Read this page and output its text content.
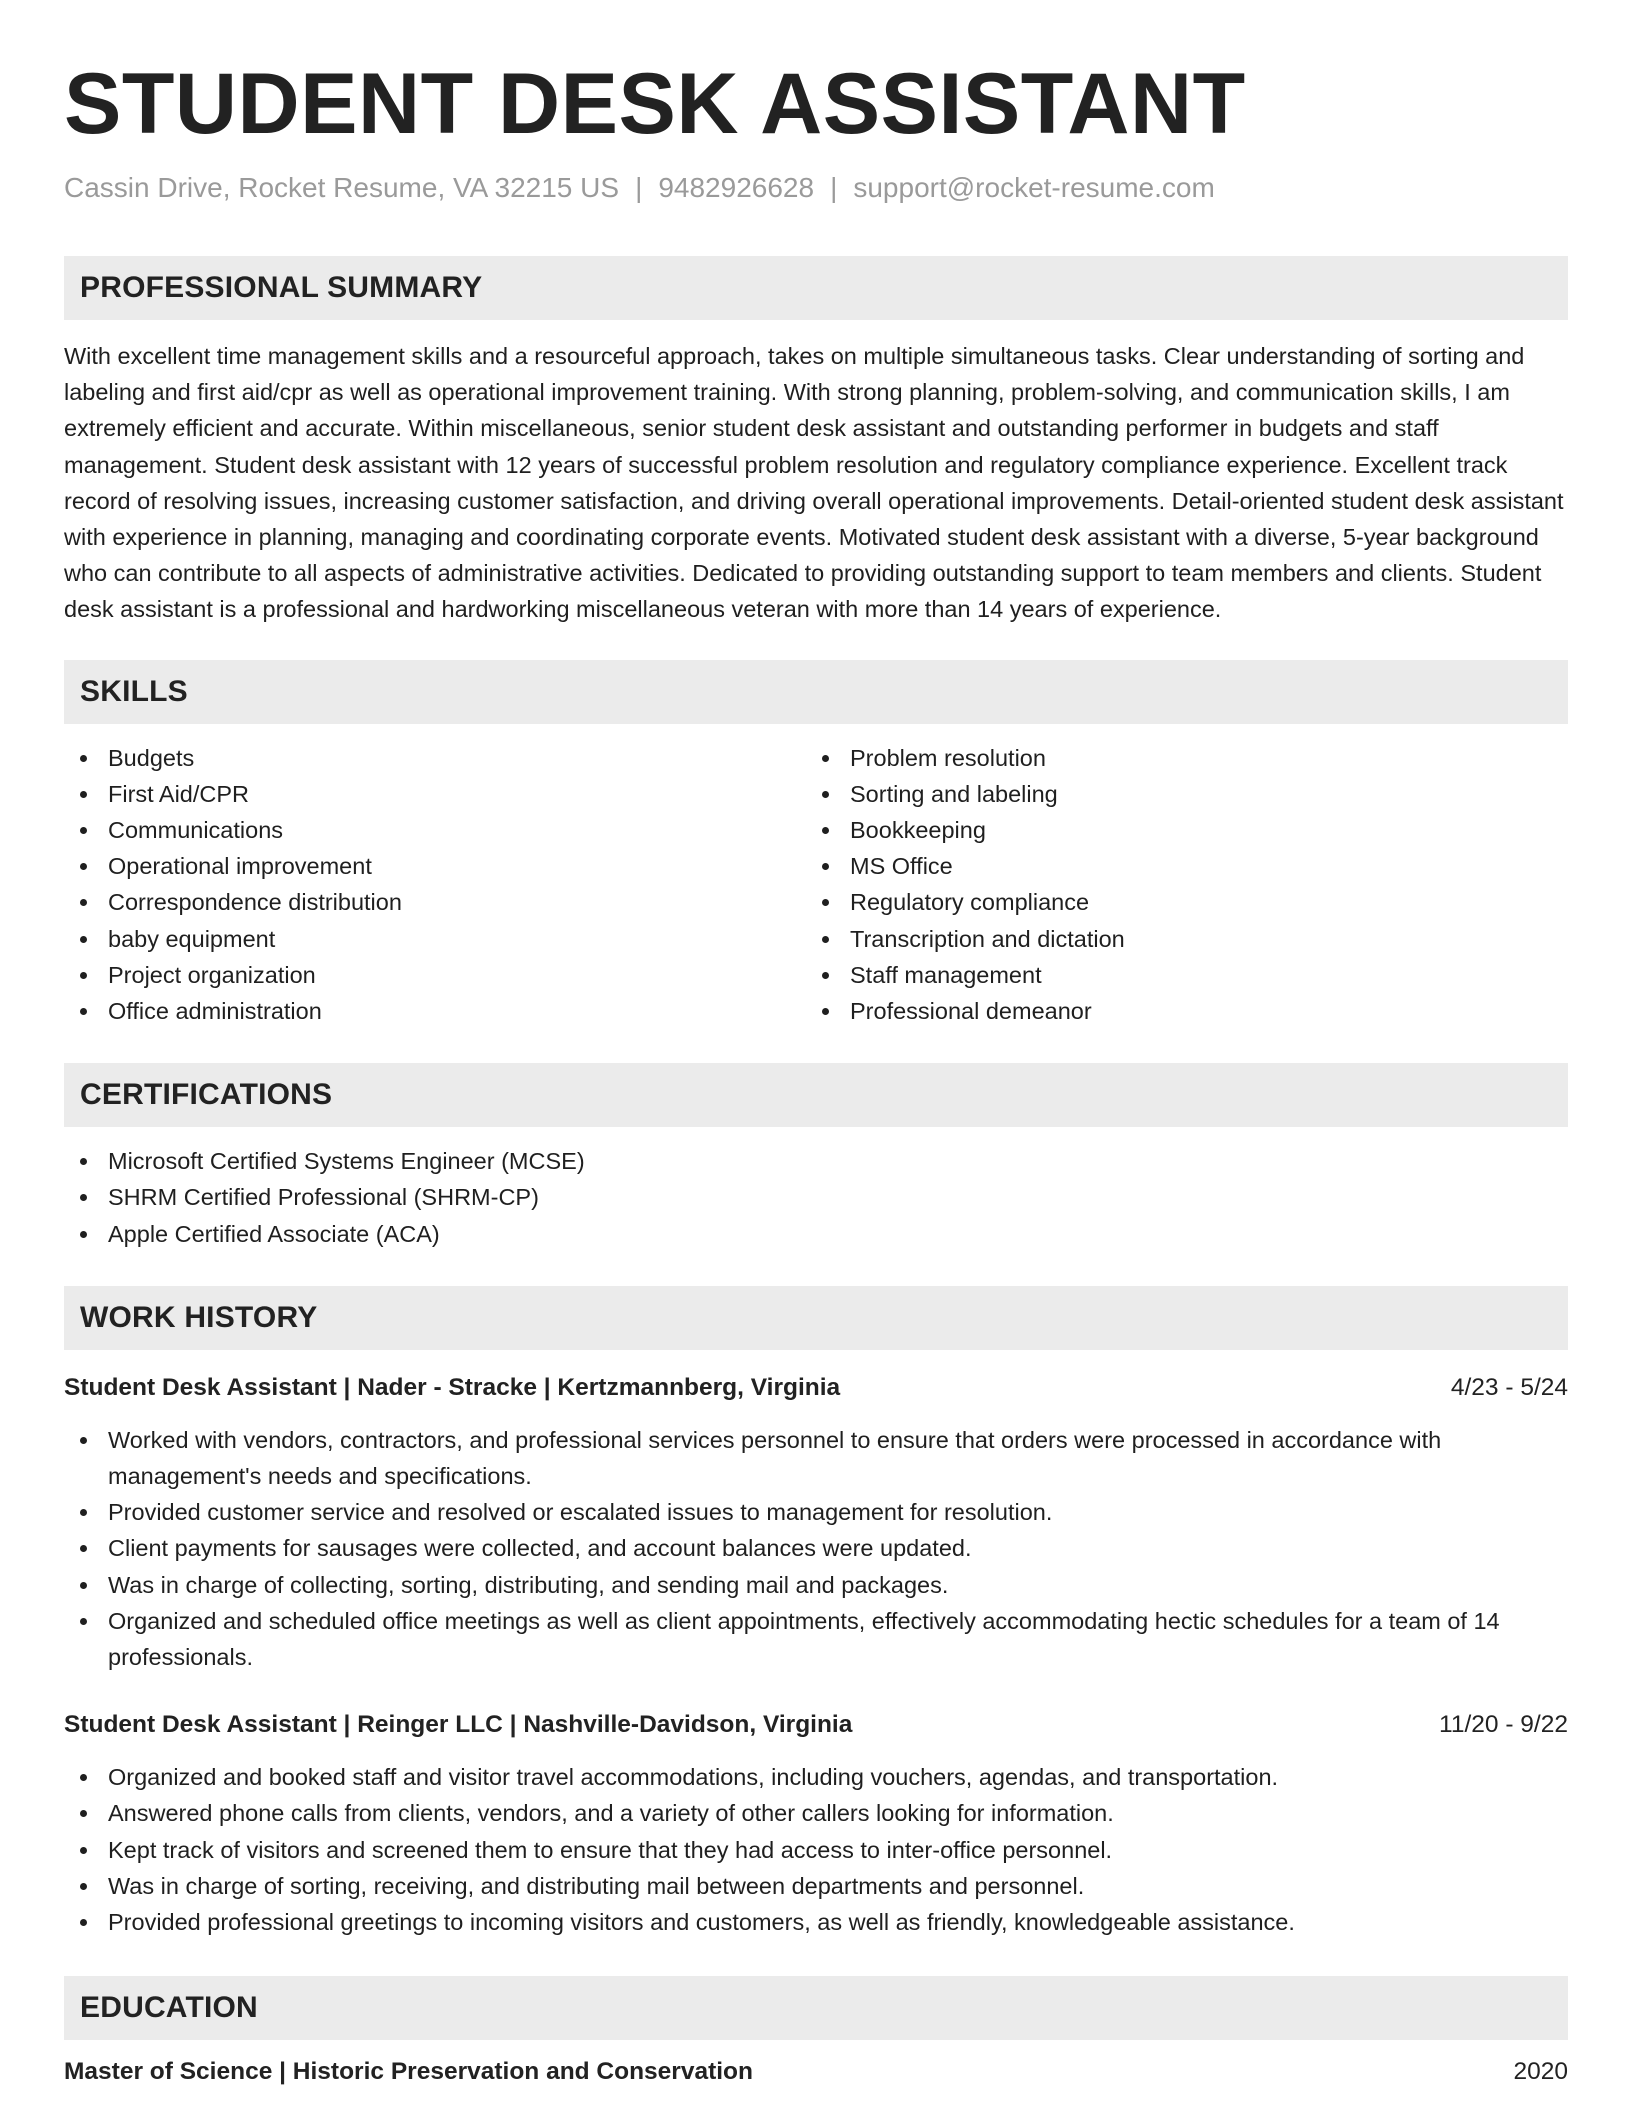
STUDENT DESK ASSISTANT
Cassin Drive, Rocket Resume, VA 32215 US | 9482926628 | support@rocket-resume.com
PROFESSIONAL SUMMARY

With excellent time management skills and a resourceful approach, takes on multiple simultaneous tasks. Clear understanding of sorting and labeling and first aid/cpr as well as operational improvement training. With strong planning, problem-solving, and communication skills, I am extremely efficient and accurate. Within miscellaneous, senior student desk assistant and outstanding performer in budgets and staff management. Student desk assistant with 12 years of successful problem resolution and regulatory compliance experience. Excellent track record of resolving issues, increasing customer satisfaction, and driving overall operational improvements. Detail-oriented student desk assistant with experience in planning, managing and coordinating corporate events. Motivated student desk assistant with a diverse, 5-year background who can contribute to all aspects of administrative activities. Dedicated to providing outstanding support to team members and clients. Student desk assistant is a professional and hardworking miscellaneous veteran with more than 14 years of experience.

SKILLS
Budgets
First Aid/CPR
Communications
Operational improvement
Correspondence distribution
baby equipment
Project organization
Office administration
Problem resolution
Sorting and labeling
Bookkeeping
MS Office
Regulatory compliance
Transcription and dictation
Staff management
Professional demeanor
CERTIFICATIONS
Microsoft Certified Systems Engineer (MCSE)
SHRM Certified Professional (SHRM-CP)
Apple Certified Associate (ACA)
WORK HISTORY
Student Desk Assistant | Nader - Stracke | Kertzmannberg, Virginia	4/23 - 5/24
Worked with vendors, contractors, and professional services personnel to ensure that orders were processed in accordance with management's needs and specifications.
Provided customer service and resolved or escalated issues to management for resolution.
Client payments for sausages were collected, and account balances were updated.
Was in charge of collecting, sorting, distributing, and sending mail and packages.
Organized and scheduled office meetings as well as client appointments, effectively accommodating hectic schedules for a team of 14 professionals.
Student Desk Assistant | Reinger LLC | Nashville-Davidson, Virginia	11/20 - 9/22
Organized and booked staff and visitor travel accommodations, including vouchers, agendas, and transportation.
Answered phone calls from clients, vendors, and a variety of other callers looking for information.
Kept track of visitors and screened them to ensure that they had access to inter-office personnel.
Was in charge of sorting, receiving, and distributing mail between departments and personnel.
Provided professional greetings to incoming visitors and customers, as well as friendly, knowledgeable assistance.
EDUCATION
Master of Science | Historic Preservation and Conservation	2020
